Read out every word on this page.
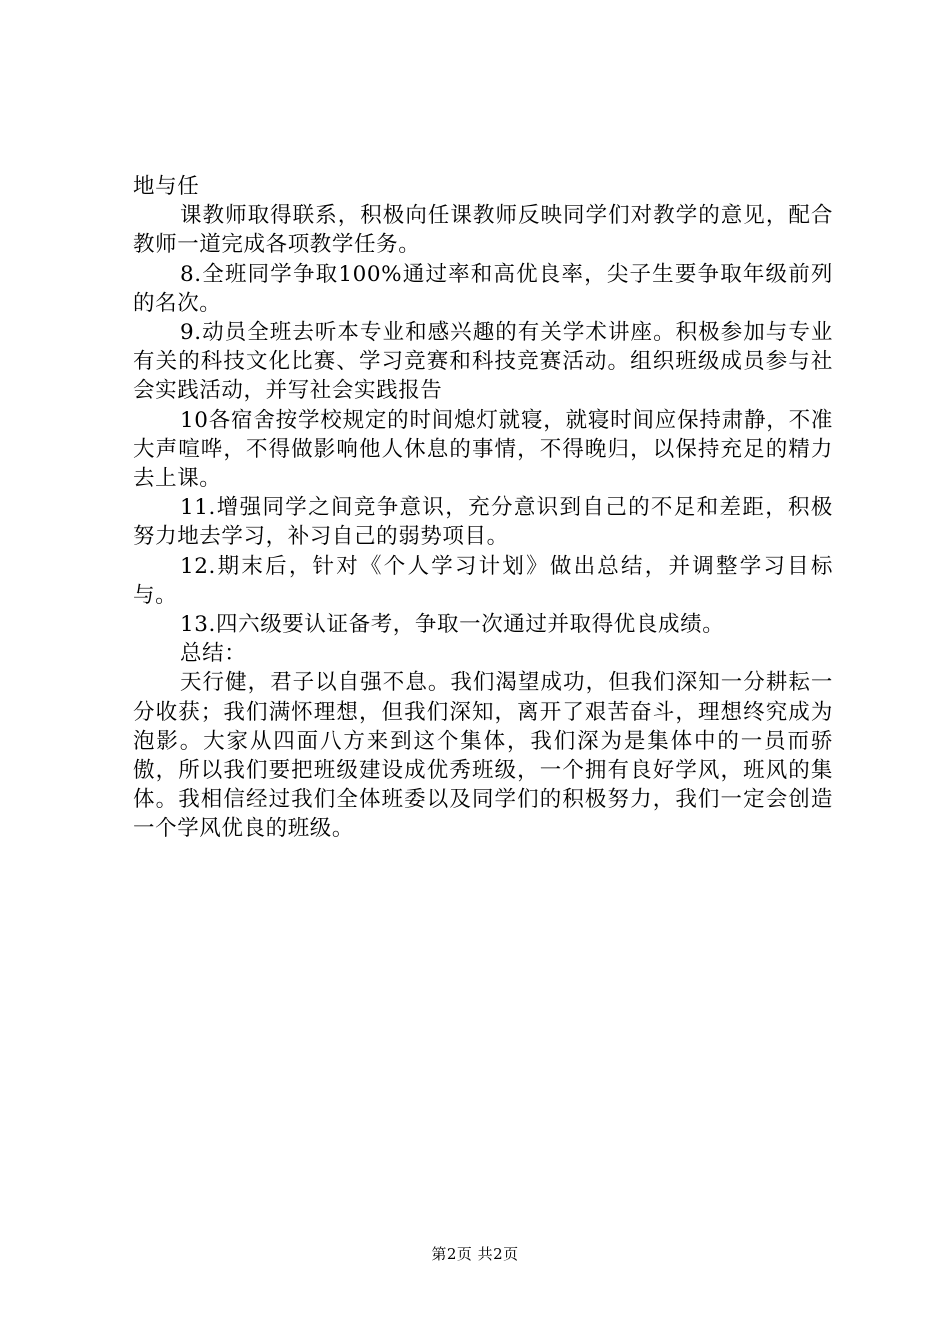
地与任

课教师取得联系，积极向任课教师反映同学们对教学的意见，配合教师一道完成各项教学任务。

8.全班同学争取100%通过率和高优良率，尖子生要争取年级前列的名次。

9.动员全班去听本专业和感兴趣的有关学术讲座。积极参加与专业有关的科技文化比赛、学习竞赛和科技竞赛活动。组织班级成员参与社会实践活动，并写社会实践报告

10各宿舍按学校规定的时间熄灯就寝，就寝时间应保持肃静，不准大声喧哗，不得做影响他人休息的事情，不得晚归，以保持充足的精力去上课。

11.增强同学之间竞争意识，充分意识到自己的不足和差距，积极努力地去学习，补习自己的弱势项目。

12.期末后，针对《个人学习计划》做出总结，并调整学习目标与。

13.四六级要认证备考，争取一次通过并取得优良成绩。

总结：

天行健，君子以自强不息。我们渴望成功，但我们深知一分耕耘一分收获；我们满怀理想，但我们深知，离开了艰苦奋斗，理想终究成为泡影。大家从四面八方来到这个集体，我们深为是集体中的一员而骄傲，所以我们要把班级建设成优秀班级，一个拥有良好学风，班风的集体。我相信经过我们全体班委以及同学们的积极努力，我们一定会创造一个学风优良的班级。

第2页 共2页
